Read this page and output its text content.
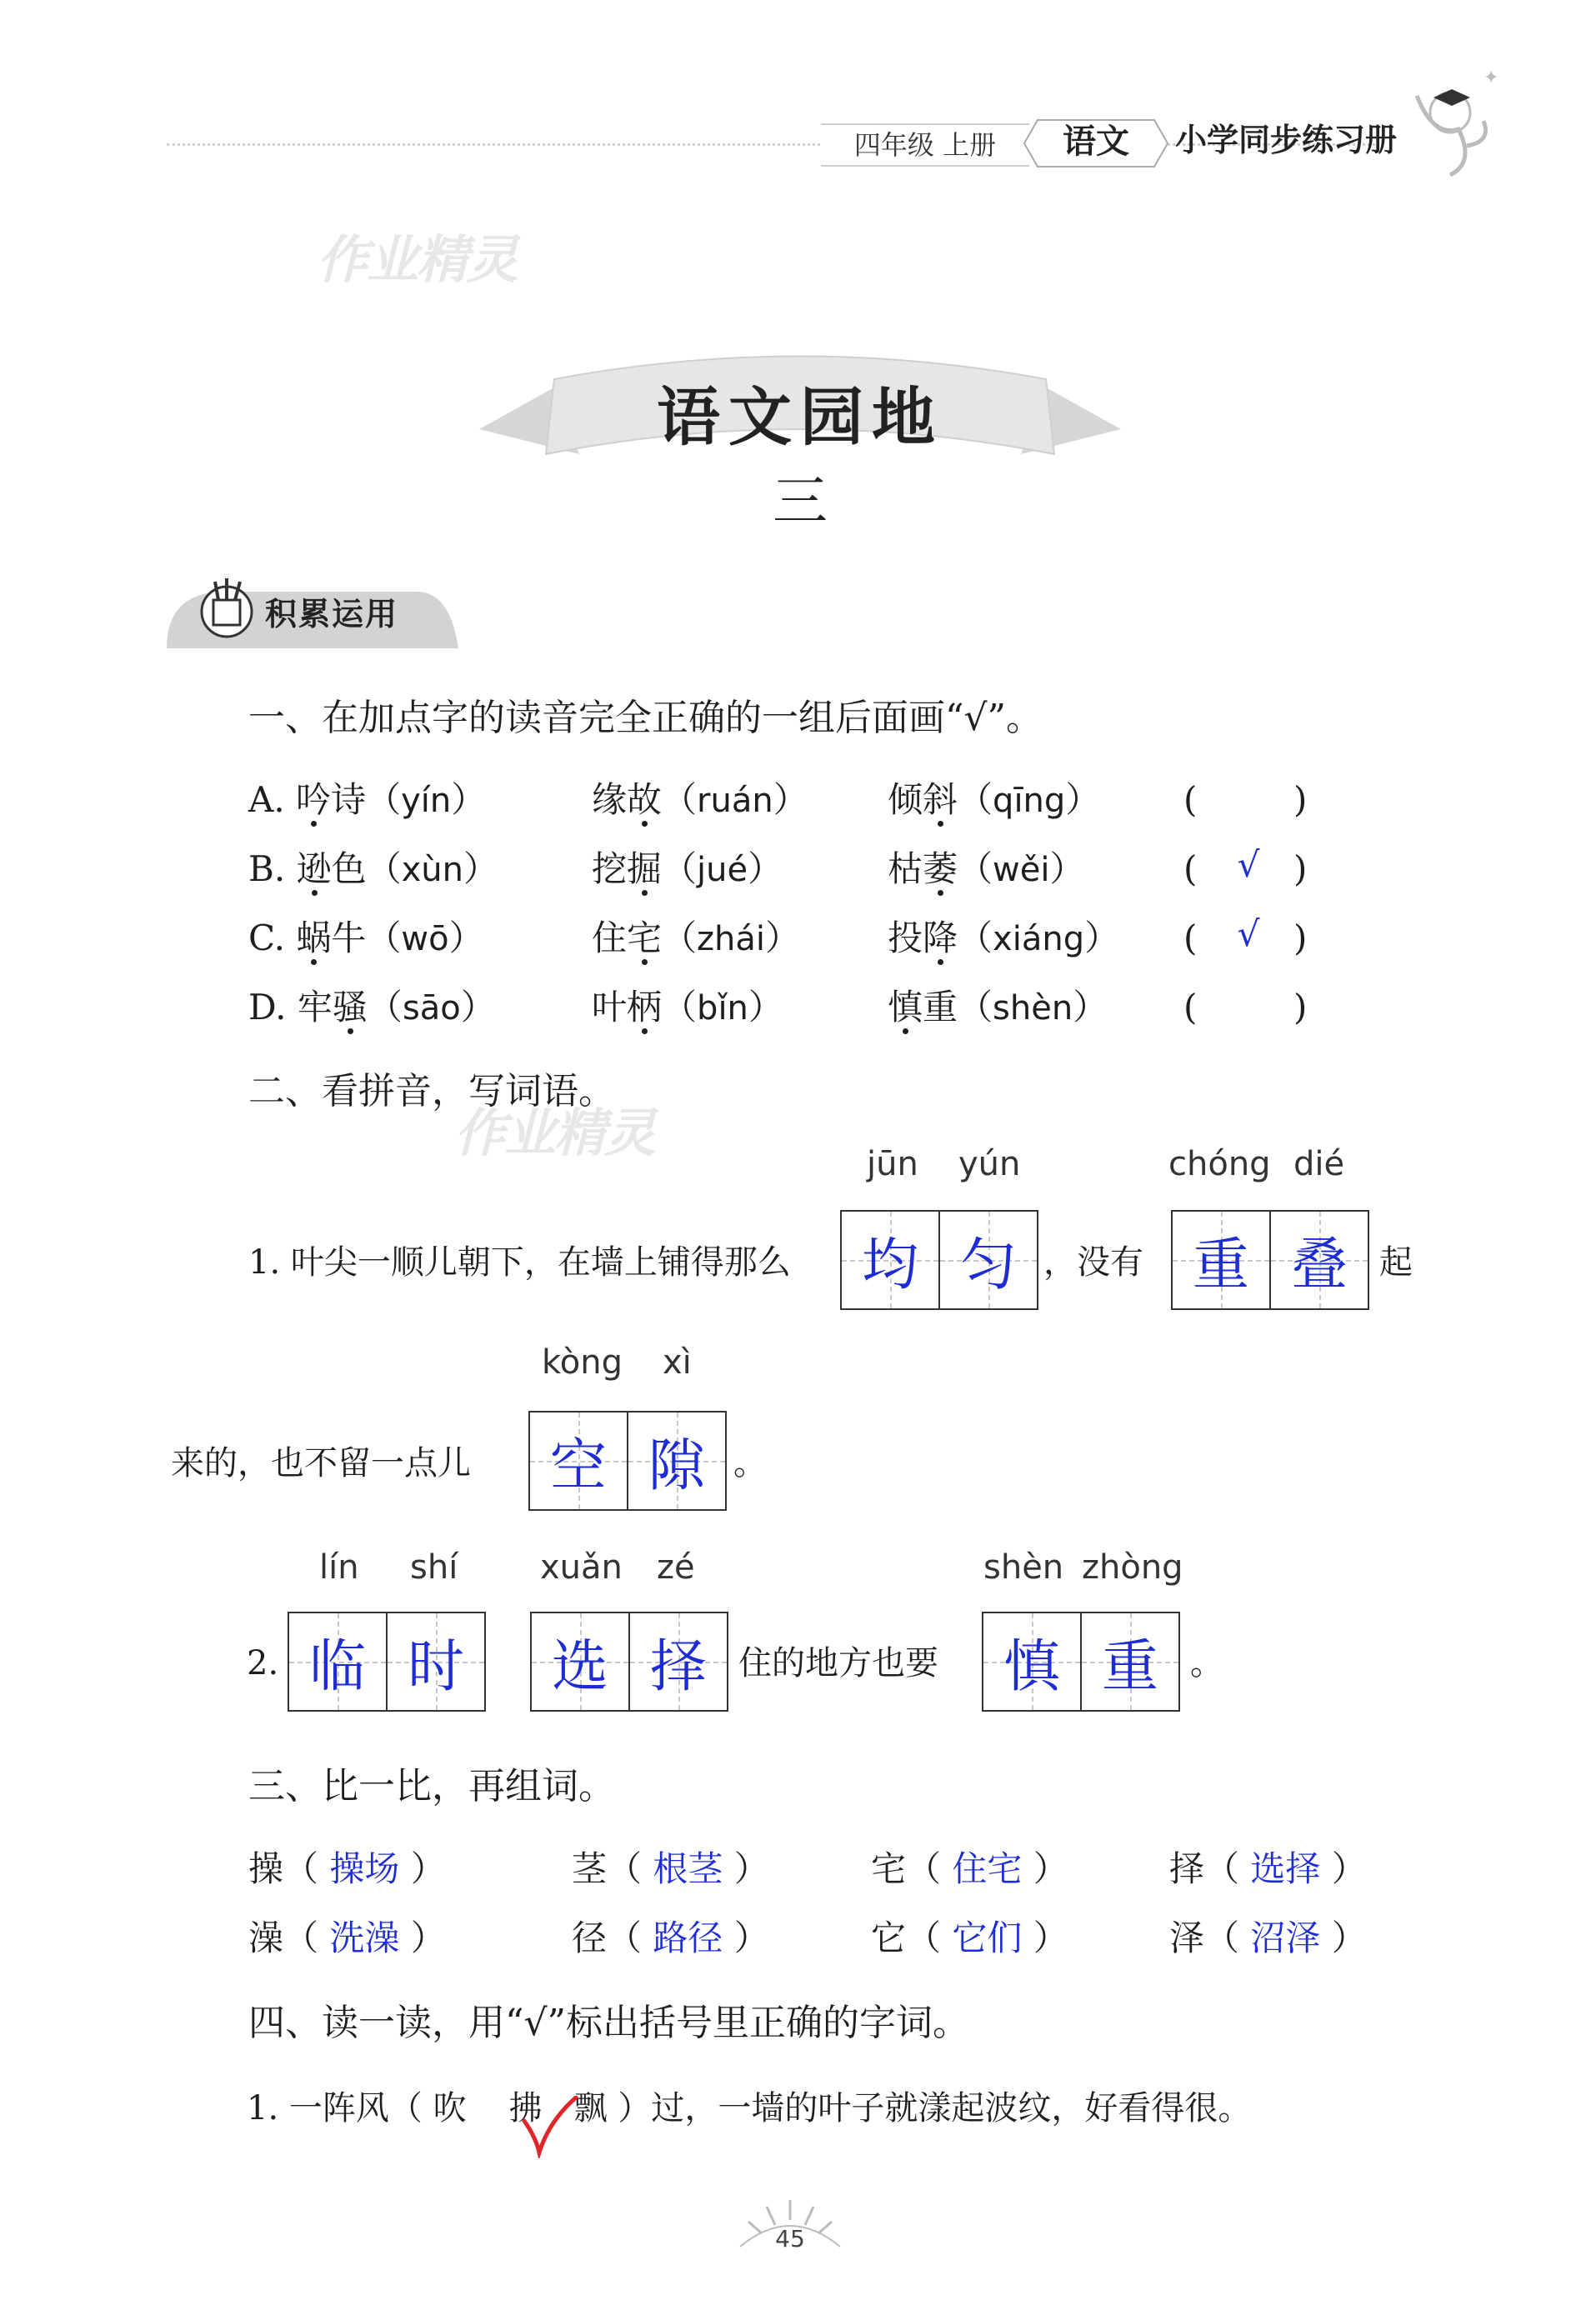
四年级 上册	语文	小学同步练习册
✦
作业精灵
语文园地
三
积累运用
一、在加点字的读音完全正确的一组后面画“√”。
A. 吟诗（yín）	缘故（ruán） 倾斜（qīng） (	)
B. 逊色（xùn）	挖掘（jué）	枯萎（wěi）	( √ )
C. 蜗牛（wō）	住宅（zhái） 投降（xiáng） ( √ )
D. 牢骚（sāo）	叶柄（bǐn）	慎重（shèn） (	)
二、看拼音，写词语。
作业精灵
jūn yún	chóng dié
1. 叶尖一顺儿朝下，在墙上铺得那么 均 匀 ，没有 重 叠 起
kòng xì
来的，也不留一点儿 空 隙 。
lín shí xuǎn zé	shèn zhòng
2. 临 时 选 择 住的地方也要 慎 重 。
三、比一比，再组词。
操（ 操场 ）	茎（ 根茎 ）	宅（ 住宅 ）	择（ 选择 ）
澡（ 洗澡 ）	径（ 路径 ）	它（ 它们 ）	泽（ 沼泽 ）
四、读一读，用“√”标出括号里正确的字词。
1. 一阵风（ 吹 拂 飘 ）过，一墙的叶子就漾起波纹，好看得很。
45
